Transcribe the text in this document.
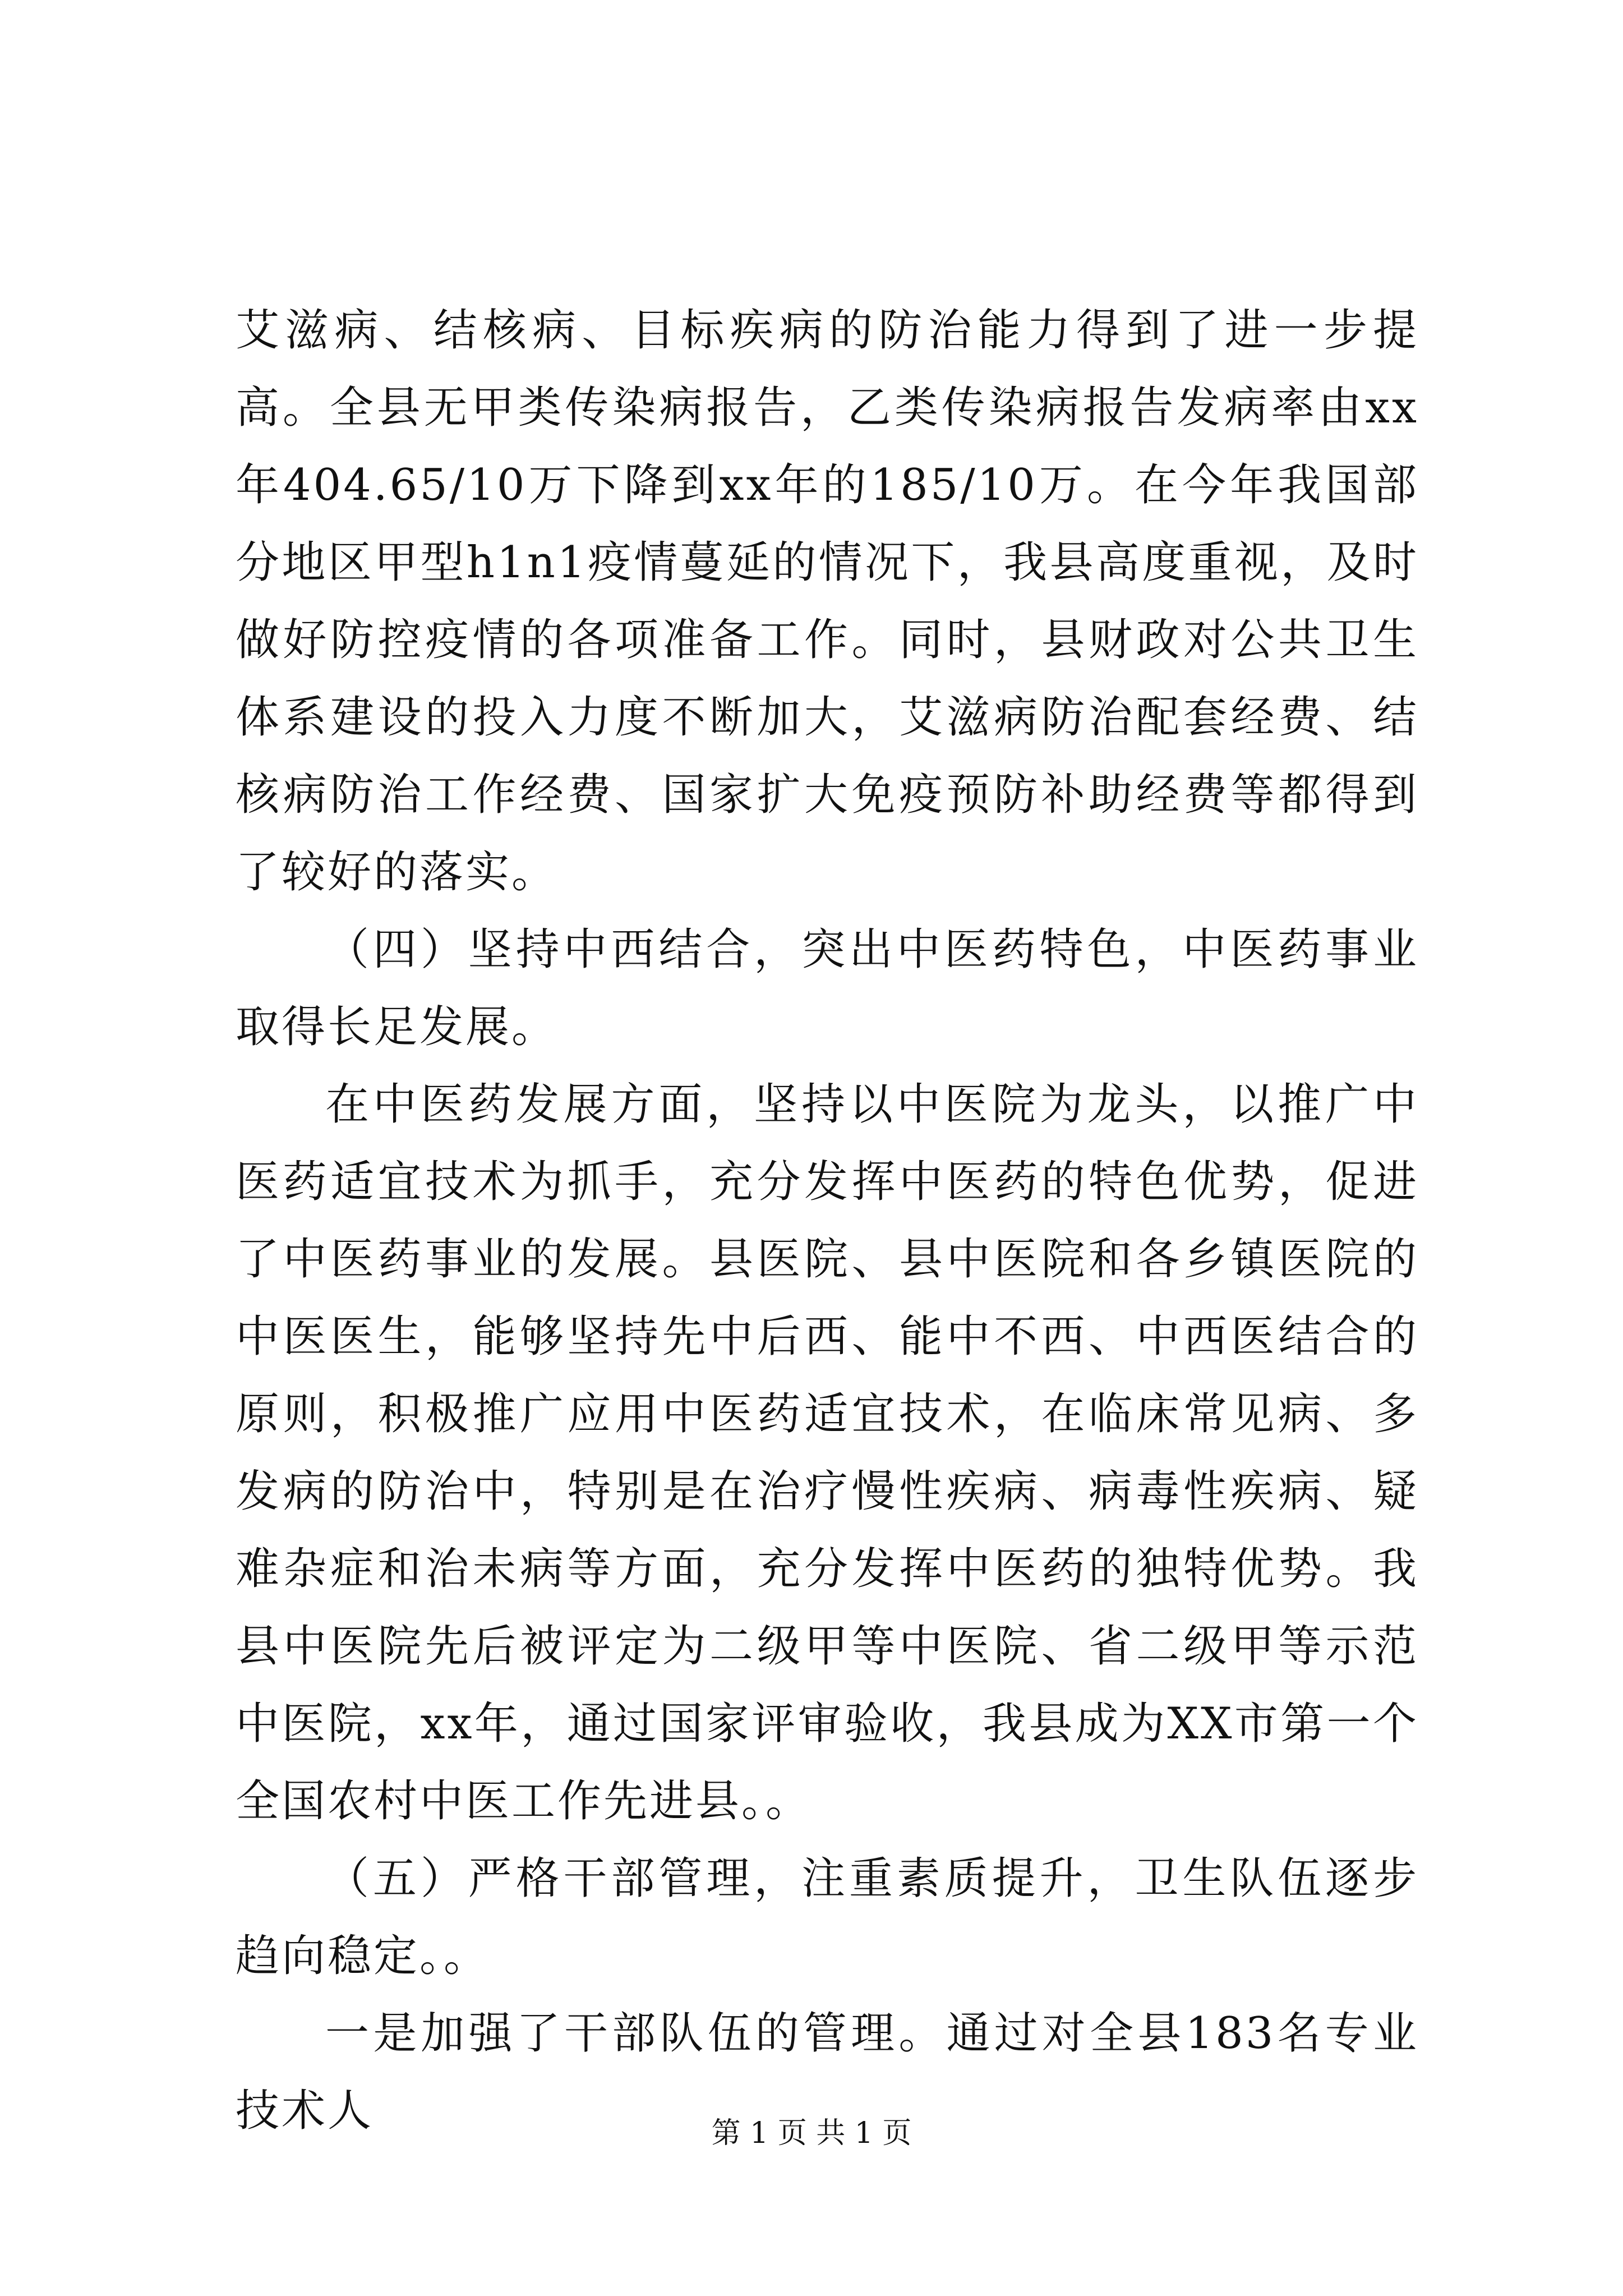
艾滋病、结核病、目标疾病的防治能力得到了进一步提高。全县无甲类传染病报告，乙类传染病报告发病率由xx年404.65/10万下降到xx年的185/10万。在今年我国部分地区甲型h1n1疫情蔓延的情况下，我县高度重视，及时做好防控疫情的各项准备工作。同时，县财政对公共卫生体系建设的投入力度不断加大，艾滋病防治配套经费、结核病防治工作经费、国家扩大免疫预防补助经费等都得到了较好的落实。

（四）坚持中西结合，突出中医药特色，中医药事业取得长足发展。

在中医药发展方面，坚持以中医院为龙头，以推广中医药适宜技术为抓手，充分发挥中医药的特色优势，促进了中医药事业的发展。县医院、县中医院和各乡镇医院的中医医生，能够坚持先中后西、能中不西、中西医结合的原则，积极推广应用中医药适宜技术，在临床常见病、多发病的防治中，特别是在治疗慢性疾病、病毒性疾病、疑难杂症和治未病等方面，充分发挥中医药的独特优势。我县中医院先后被评定为二级甲等中医院、省二级甲等示范中医院，xx年，通过国家评审验收，我县成为XX市第一个全国农村中医工作先进县。。

（五）严格干部管理，注重素质提升，卫生队伍逐步趋向稳定。。

一是加强了干部队伍的管理。通过对全县183名专业技术人	第 1 页 共 1 页
